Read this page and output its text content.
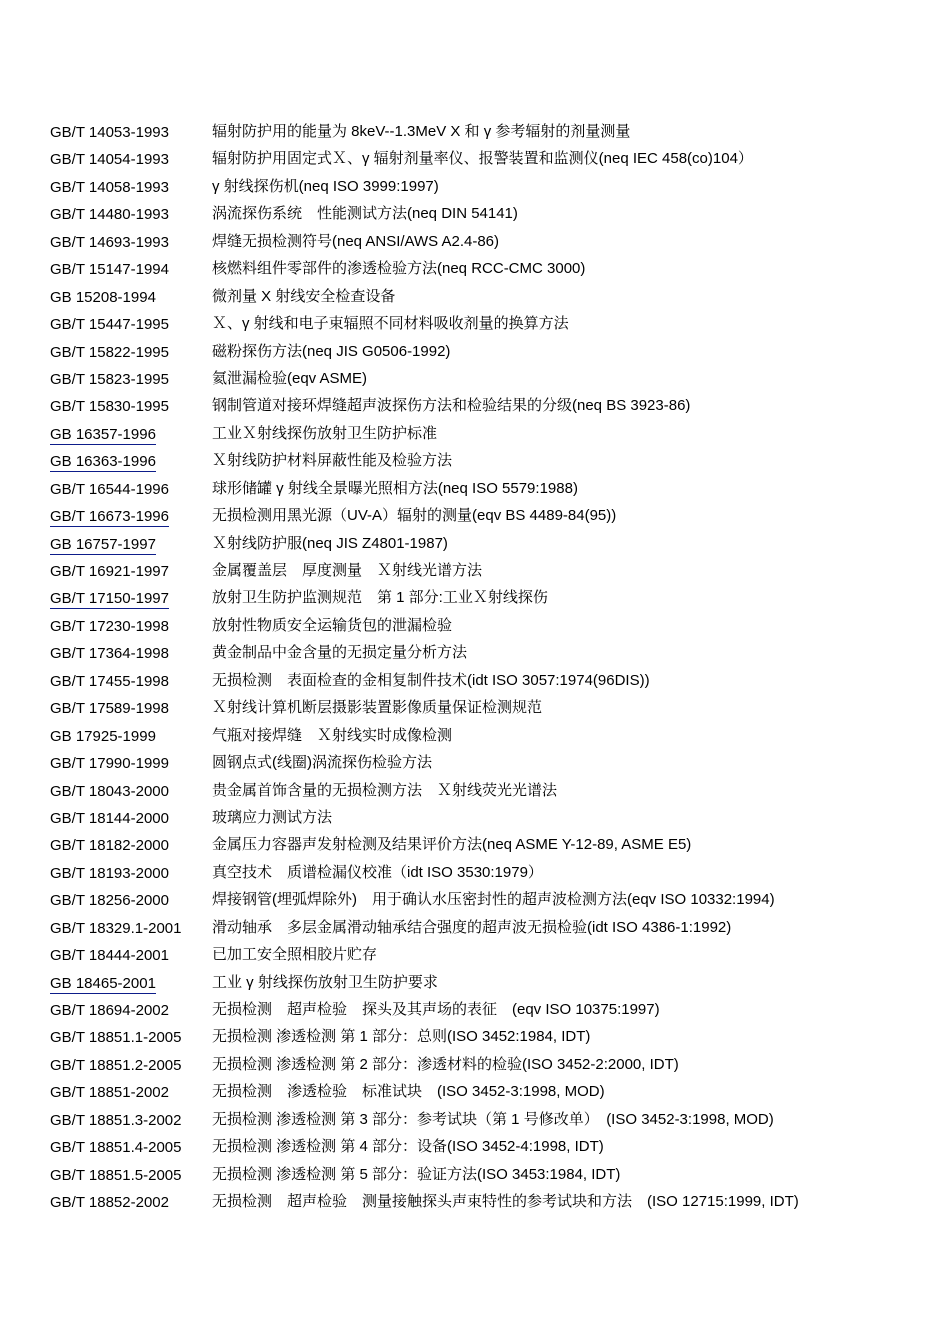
GB/T 14053-1993	辐射防护用的能量为 8keV--1.3MeV X 和 γ 参考辐射的剂量测量
GB/T 14054-1993	辐射防护用固定式Ｘ、γ 辐射剂量率仪、报警装置和监测仪(neq IEC 458(co)104）
GB/T 14058-1993	γ 射线探伤机(neq ISO 3999:1997)
GB/T 14480-1993	涡流探伤系统　性能测试方法(neq DIN 54141)
GB/T 14693-1993	焊缝无损检测符号(neq ANSI/AWS A2.4-86)
GB/T 15147-1994	核燃料组件零部件的渗透检验方法(neq RCC-CMC 3000)
GB 15208-1994	微剂量 X 射线安全检查设备
GB/T 15447-1995	Ｘ、γ 射线和电子束辐照不同材料吸收剂量的换算方法
GB/T 15822-1995	磁粉探伤方法(neq JIS G0506-1992)
GB/T 15823-1995	氦泄漏检验(eqv ASME)
GB/T 15830-1995	钢制管道对接环焊缝超声波探伤方法和检验结果的分级(neq BS 3923-86)
GB 16357-1996	工业Ｘ射线探伤放射卫生防护标准
GB 16363-1996	Ｘ射线防护材料屏蔽性能及检验方法
GB/T 16544-1996	球形储罐 γ 射线全景曝光照相方法(neq ISO 5579:1988)
GB/T 16673-1996	无损检测用黑光源（UV-A）辐射的测量(eqv BS 4489-84(95))
GB 16757-1997	Ｘ射线防护服(neq JIS Z4801-1987)
GB/T 16921-1997	金属覆盖层　厚度测量　Ｘ射线光谱方法
GB/T 17150-1997	放射卫生防护监测规范　第 1 部分:工业Ｘ射线探伤
GB/T 17230-1998	放射性物质安全运输货包的泄漏检验
GB/T 17364-1998	黄金制品中金含量的无损定量分析方法
GB/T 17455-1998	无损检测　表面检查的金相复制件技术(idt ISO 3057:1974(96DIS))
GB/T 17589-1998	Ｘ射线计算机断层摄影装置影像质量保证检测规范
GB 17925-1999	气瓶对接焊缝　Ｘ射线实时成像检测
GB/T 17990-1999	圆钢点式(线圈)涡流探伤检验方法
GB/T 18043-2000	贵金属首饰含量的无损检测方法　Ｘ射线荧光光谱法
GB/T 18144-2000	玻璃应力测试方法
GB/T 18182-2000	金属压力容器声发射检测及结果评价方法(neq ASME Y-12-89, ASME E5)
GB/T 18193-2000	真空技术　质谱检漏仪校准（idt ISO 3530:1979）
GB/T 18256-2000	焊接钢管(埋弧焊除外)　用于确认水压密封性的超声波检测方法(eqv ISO 10332:1994)
GB/T 18329.1-2001 滑动轴承　多层金属滑动轴承结合强度的超声波无损检验(idt ISO 4386-1:1992)
GB/T 18444-2001	已加工安全照相胶片贮存
GB 18465-2001	工业 γ 射线探伤放射卫生防护要求
GB/T 18694-2002	无损检测　超声检验　探头及其声场的表征　(eqv ISO 10375:1997)
GB/T 18851.1-2005 无损检测 渗透检测 第 1 部分：总则(ISO 3452:1984, IDT)
GB/T 18851.2-2005 无损检测 渗透检测 第 2 部分：渗透材料的检验(ISO 3452-2:2000, IDT)
GB/T 18851-2002	无损检测　渗透检验　标准试块　(ISO 3452-3:1998, MOD)
GB/T 18851.3-2002 无损检测 渗透检测 第 3 部分：参考试块（第 1 号修改单）　(ISO 3452-3:1998, MOD)
GB/T 18851.4-2005 无损检测 渗透检测 第 4 部分：设备(ISO 3452-4:1998, IDT)
GB/T 18851.5-2005 无损检测 渗透检测 第 5 部分：验证方法(ISO 3453:1984, IDT)
GB/T 18852-2002	无损检测　超声检验　测量接触探头声束特性的参考试块和方法　(ISO 12715:1999, IDT)
